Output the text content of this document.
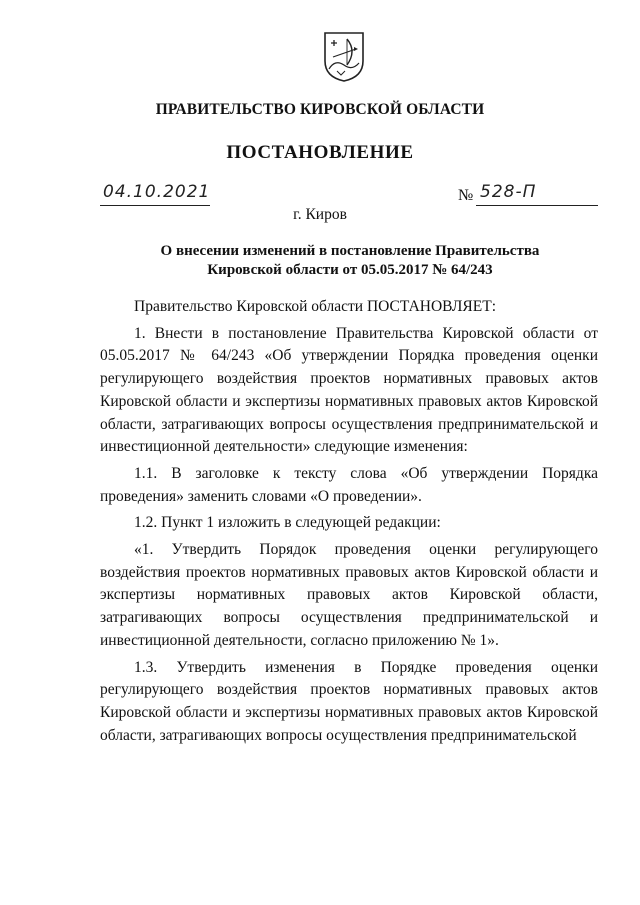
ПРАВИТЕЛЬСТВО КИРОВСКОЙ ОБЛАСТИ
ПОСТАНОВЛЕНИЕ
04.10.2021	№ 528-П
г. Киров
О внесении изменений в постановление Правительства
Кировской области от 05.05.2017 № 64/243

Правительство Кировской области ПОСТАНОВЛЯЕТ:

1. Внести в постановление Правительства Кировской области от 05.05.2017 № 64/243 «Об утверждении Порядка проведения оценки регулирующего воздействия проектов нормативных правовых актов Кировской области и экспертизы нормативных правовых актов Кировской области, затрагивающих вопросы осуществления предпринимательской и инвестиционной деятельности» следующие изменения:

1.1. В заголовке к тексту слова «Об утверждении Порядка проведения» заменить словами «О проведении».

1.2. Пункт 1 изложить в следующей редакции:

«1. Утвердить Порядок проведения оценки регулирующего воздействия проектов нормативных правовых актов Кировской области и экспертизы нормативных правовых актов Кировской области, затрагивающих вопросы осуществления предпринимательской и инвестиционной деятельности, согласно приложению № 1».

1.3. Утвердить изменения в Порядке проведения оценки регулирующего воздействия проектов нормативных правовых актов Кировской области и экспертизы нормативных правовых актов Кировской области, затрагивающих вопросы осуществления предпринимательской
